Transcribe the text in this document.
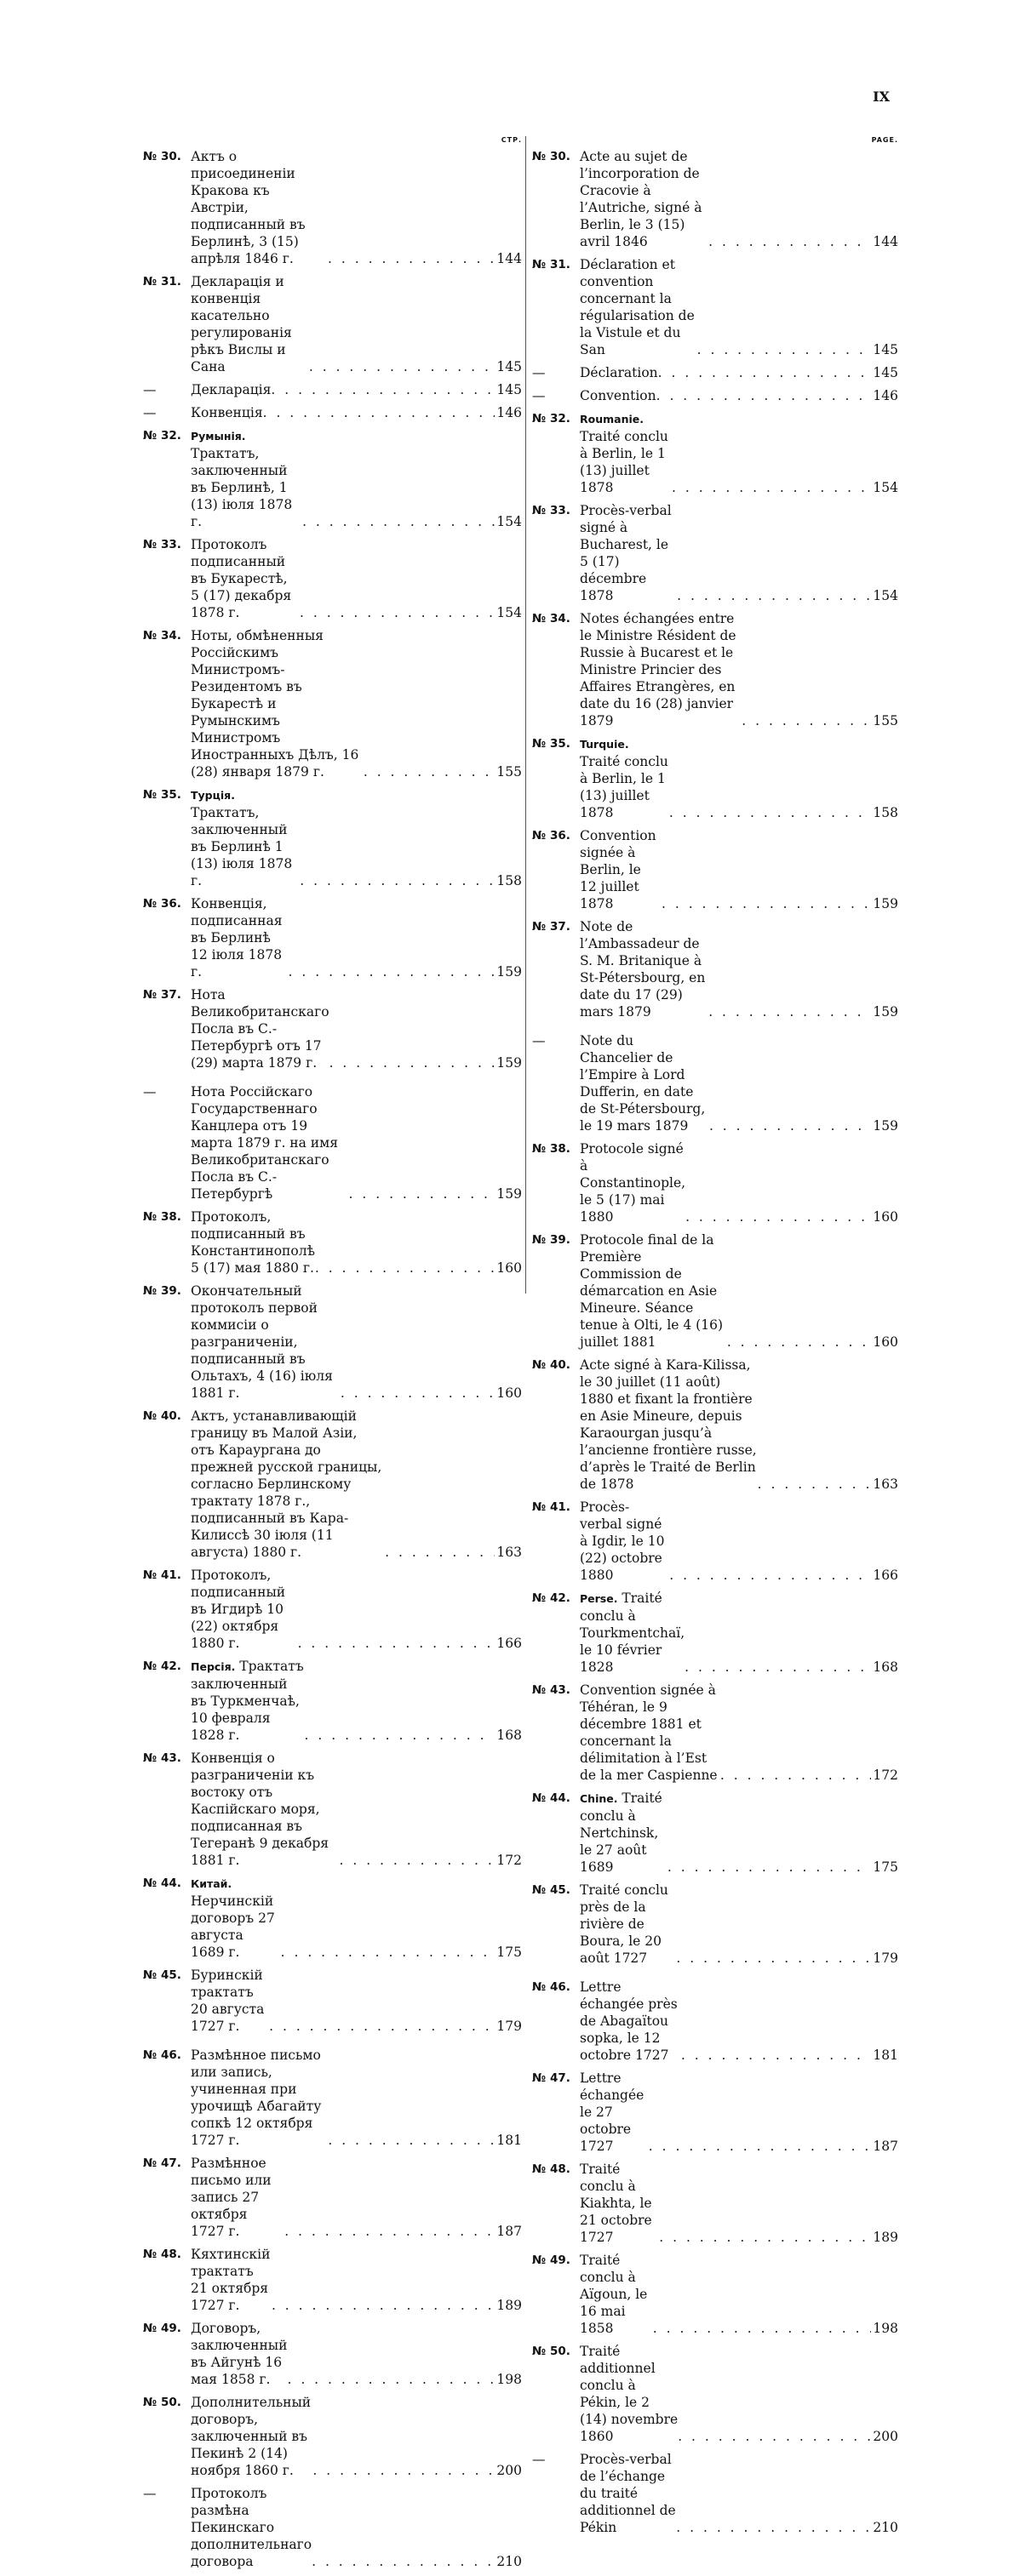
IX
СТР.
№ 30. Актъ о присоединеніи Кракова къ Австріи, подписанный въ Берлинѣ, 3 (15) апрѣля 1846 г. . . .	144
№ 31. Декларація и конвенція касательно регулированія рѣкъ Вислы и Сана . . .	145
—	Декларація . . .	145
—	Конвенція . . .	146
№ 32. Румынія. Трактатъ, заключенный въ Берлинѣ, 1 (13) іюля 1878 г. . . .	154
№ 33. Протоколъ подписанный въ Букарестѣ, 5 (17) декабря 1878 г. . . .	154
№ 34. Ноты, обмѣненныя Россійскимъ Министромъ-Резидентомъ въ Букарестѣ и Румынскимъ Министромъ Иностранныхъ Дѣлъ, 16 (28) января 1879 г. . . .	155
№ 35. Турція. Трактатъ, заключенный въ Берлинѣ 1 (13) іюля 1878 г. . . .	158
№ 36. Конвенція, подписанная въ Берлинѣ 12 іюля 1878 г. . . .	159
№ 37. Нота Великобританскаго Посла въ С.-Петербургѣ отъ 17 (29) марта 1879 г. . . .	159
—	Нота Россійскаго Государственнаго Канцлера отъ 19 марта 1879 г. на имя Великобританскаго Посла въ С.-Петербургѣ . . .	159
№ 38. Протоколъ, подписанный въ Константинополѣ 5 (17) мая 1880 г. . . .	160
№ 39. Окончательный протоколъ первой коммисіи о разграниченіи, подписанный въ Ольтахъ, 4 (16) іюля 1881 г. . . .	160
№ 40. Актъ, устанавливающій границу въ Малой Азіи, отъ Караургана до прежней русской границы, согласно Берлинскому трактату 1878 г., подписанный въ Кара-Килиссѣ 30 іюля (11 августа) 1880 г. . . .	163
№ 41. Протоколъ, подписанный въ Игдирѣ 10 (22) октября 1880 г. . . .	166
№ 42. Персія. Трактатъ заключенный въ Туркменчаѣ, 10 февраля 1828 г. . . .	168
№ 43. Конвенція о разграниченіи къ востоку отъ Каспійскаго моря, подписанная въ Тегеранѣ 9 декабря 1881 г. . . .	172
№ 44. Китай. Нерчинскій договоръ 27 августа 1689 г. . . .	175
№ 45. Буринскій трактатъ 20 августа 1727 г. . . .	179
№ 46. Размѣнное письмо или запись, учиненная при урочищѣ Абагайту сопкѣ 12 октября 1727 г. . . .	181
№ 47. Размѣнное письмо или запись 27 октября 1727 г. . . .	187
№ 48. Кяхтинскій трактатъ 21 октября 1727 г. . . .	189
№ 49. Договоръ, заключенный въ Айгунѣ 16 мая 1858 г. . . .	198
№ 50. Дополнительный договоръ, заключенный въ Пекинѣ 2 (14) ноября 1860 г. . . .	200
—	Протоколъ размѣна Пекинскаго дополнительнаго договора . . .	210
PAGE.
№ 30. Acte au sujet de l’incorporation de Cracovie à l’Autriche, signé à Berlin, le 3 (15) avril 1846 . . .	144
№ 31. Déclaration et convention concernant la régularisation de la Vistule et du San . . .	145
—	Déclaration . . .	145
—	Convention . . .	146
№ 32. Roumanie. Traité conclu à Berlin, le 1 (13) juillet 1878 . . .	154
№ 33. Procès-verbal signé à Bucharest, le 5 (17) décembre 1878 . . .	154
№ 34. Notes échangées entre le Ministre Résident de Russie à Bucarest et le Ministre Princier des Affaires Etrangères, en date du 16 (28) janvier 1879 . . .	155
№ 35. Turquie. Traité conclu à Berlin, le 1 (13) juillet 1878 . . .	158
№ 36. Convention signée à Berlin, le 12 juillet 1878 . . .	159
№ 37. Note de l’Ambassadeur de S. M. Britanique à St-Pétersbourg, en date du 17 (29) mars 1879 . . .	159
—	Note du Chancelier de l’Empire à Lord Dufferin, en date de St-Pétersbourg, le 19 mars 1879 . . .	159
№ 38. Protocole signé à Constantinople, le 5 (17) mai 1880 . . .	160
№ 39. Protocole final de la Première Commission de démarcation en Asie Mineure. Séance tenue à Olti, le 4 (16) juillet 1881 . . .	160
№ 40. Acte signé à Kara-Kilissa, le 30 juillet (11 août) 1880 et fixant la frontière en Asie Mineure, depuis Karaourgan jusqu’à l’ancienne frontière russe, d’après le Traité de Berlin de 1878 . . .	163
№ 41. Procès-verbal signé à Igdir, le 10 (22) octobre 1880 . . .	166
№ 42. Perse. Traité conclu à Tourkmentchaï, le 10 février 1828 . . .	168
№ 43. Convention signée à Téhéran, le 9 décembre 1881 et concernant la délimitation à l’Est de la mer Caspienne . . .	172
№ 44. Chine. Traité conclu à Nertchinsk, le 27 août 1689 . . .	175
№ 45. Traité conclu près de la rivière de Boura, le 20 août 1727 . . .	179
№ 46. Lettre échangée près de Abagaïtou sopka, le 12 octobre 1727 . . .	181
№ 47. Lettre échangée le 27 octobre 1727 . . .	187
№ 48. Traité conclu à Kiakhta, le 21 octobre 1727 . . .	189
№ 49. Traité conclu à Aïgoun, le 16 mai 1858 . . .	198
№ 50. Traité additionnel conclu à Pékin, le 2 (14) novembre 1860 . . .	200
—	Procès-verbal de l’échange du traité additionnel de Pékin . . .	210
